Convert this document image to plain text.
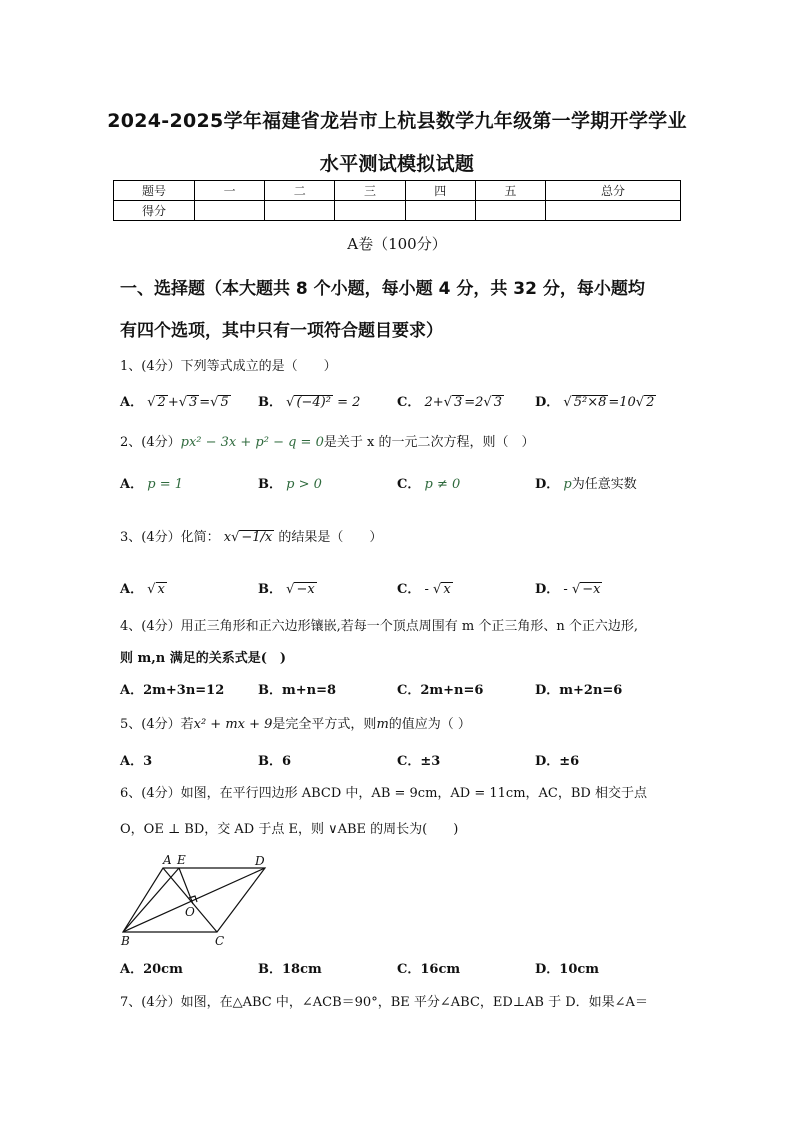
2024-2025学年福建省龙岩市上杭县数学九年级第一学期开学学业
水平测试模拟试题
题号	一	二	三	四	五	总分
得分						
A卷（100分）
一、选择题（本大题共 8 个小题，每小题 4 分，共 32 分，每小题均
有四个选项，其中只有一项符合题目要求）
1、(4分）下列等式成立的是（　　）
A． √ 2 +√ 3 =√ 5 B． √ (−4)² = 2	C． 2+√ 3 =2√ 3	D． √ 5²×8 =10√ 2
2、(4分）px² − 3x + p² − q = 0是关于 x 的一元二次方程，则（　）
A． p = 1	B． p > 0	C． p ≠ 0	D． p为任意实数
3、(4分）化简： x√ −1/x 的结果是（　　）
A． √ x	B． √ −x	C． - √ x	D． - √ −x
4、(4分）用正三角形和正六边形镶嵌,若每一个顶点周围有 m 个正三角形、n 个正六边形,
则 m,n 满足的关系式是(　)
A．2m+3n=12	B．m+n=8	C．2m+n=6	D．m+2n=6
5、(4分）若x² + mx + 9是完全平方式，则m的值应为（ ）
A．3	B．6	C．±3	D．±6
6、(4分）如图，在平行四边形 ABCD 中，AB = 9cm，AD = 11cm，AC，BD 相交于点
O，OE ⊥ BD，交 AD 于点 E，则 ∨ABE 的周长为(　　)
A E	D
O
B	C
A．20cm	B．18cm	C．16cm	D．10cm
7、(4分）如图，在△ABC 中，∠ACB＝90°，BE 平分∠ABC，ED⊥AB 于 D．如果∠A＝
